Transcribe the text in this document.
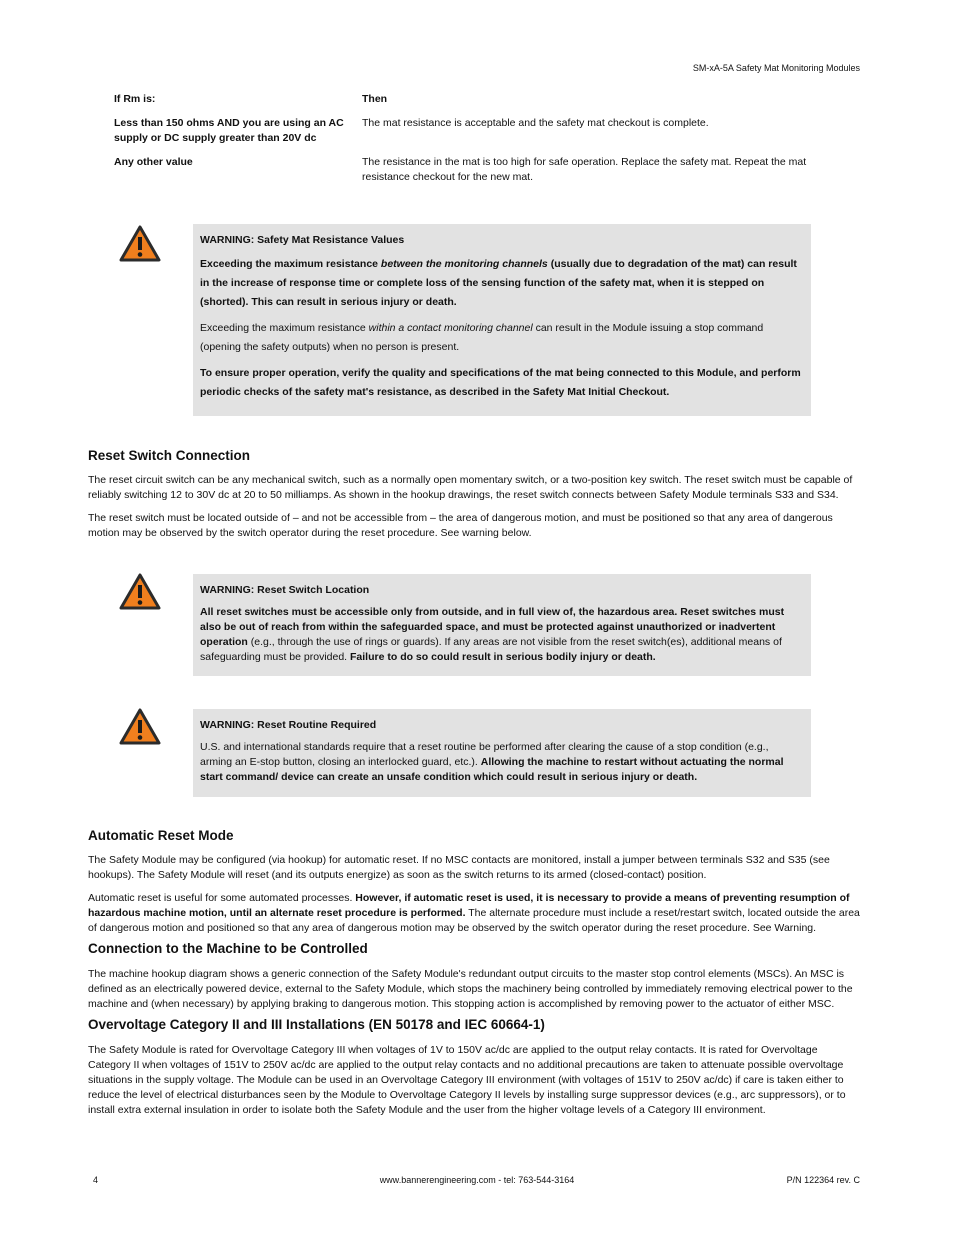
SM-xA-5A Safety Mat Monitoring Modules
If Rm is:	Then
Less than 150 ohms AND you are using an AC supply or DC supply greater than 20V dc	The mat resistance is acceptable and the safety mat checkout is complete.
Any other value	The resistance in the mat is too high for safe operation. Replace the safety mat. Repeat the mat resistance checkout for the new mat.
WARNING: Safety Mat Resistance Values

Exceeding the maximum resistance between the monitoring channels (usually due to degradation of the mat) can result in the increase of response time or complete loss of the sensing function of the safety mat, when it is stepped on (shorted). This can result in serious injury or death.

Exceeding the maximum resistance within a contact monitoring channel can result in the Module issuing a stop command (opening the safety outputs) when no person is present.

To ensure proper operation, verify the quality and specifications of the mat being connected to this Module, and perform periodic checks of the safety mat's resistance, as described in the Safety Mat Initial Checkout.

Reset Switch Connection

The reset circuit switch can be any mechanical switch, such as a normally open momentary switch, or a two-position key switch. The reset switch must be capable of reliably switching 12 to 30V dc at 20 to 50 milliamps. As shown in the hookup drawings, the reset switch connects between Safety Module terminals S33 and S34.

The reset switch must be located outside of – and not be accessible from – the area of dangerous motion, and must be positioned so that any area of dangerous motion may be observed by the switch operator during the reset procedure. See warning below.

WARNING: Reset Switch Location

All reset switches must be accessible only from outside, and in full view of, the hazardous area. Reset switches must also be out of reach from within the safeguarded space, and must be protected against unauthorized or inadvertent operation (e.g., through the use of rings or guards). If any areas are not visible from the reset switch(es), additional means of safeguarding must be provided. Failure to do so could result in serious bodily injury or death.

WARNING: Reset Routine Required

U.S. and international standards require that a reset routine be performed after clearing the cause of a stop condition (e.g., arming an E-stop button, closing an interlocked guard, etc.). Allowing the machine to restart without actuating the normal start command/ device can create an unsafe condition which could result in serious injury or death.

Automatic Reset Mode

The Safety Module may be configured (via hookup) for automatic reset. If no MSC contacts are monitored, install a jumper between terminals S32 and S35 (see hookups). The Safety Module will reset (and its outputs energize) as soon as the switch returns to its armed (closed-contact) position.

Automatic reset is useful for some automated processes. However, if automatic reset is used, it is necessary to provide a means of preventing resumption of hazardous machine motion, until an alternate reset procedure is performed. The alternate procedure must include a reset/restart switch, located outside the area of dangerous motion and positioned so that any area of dangerous motion may be observed by the switch operator during the reset procedure. See Warning.

Connection to the Machine to be Controlled

The machine hookup diagram shows a generic connection of the Safety Module's redundant output circuits to the master stop control elements (MSCs). An MSC is defined as an electrically powered device, external to the Safety Module, which stops the machinery being controlled by immediately removing electrical power to the machine and (when necessary) by applying braking to dangerous motion. This stopping action is accomplished by removing power to the actuator of either MSC.

Overvoltage Category II and III Installations (EN 50178 and IEC 60664-1)

The Safety Module is rated for Overvoltage Category III when voltages of 1V to 150V ac/dc are applied to the output relay contacts. It is rated for Overvoltage Category II when voltages of 151V to 250V ac/dc are applied to the output relay contacts and no additional precautions are taken to attenuate possible overvoltage situations in the supply voltage. The Module can be used in an Overvoltage Category III environment (with voltages of 151V to 250V ac/dc) if care is taken either to reduce the level of electrical disturbances seen by the Module to Overvoltage Category II levels by installing surge suppressor devices (e.g., arc suppressors), or to install extra external insulation in order to isolate both the Safety Module and the user from the higher voltage levels of a Category III environment.

4	www.bannerengineering.com - tel: 763-544-3164	P/N 122364 rev. C
